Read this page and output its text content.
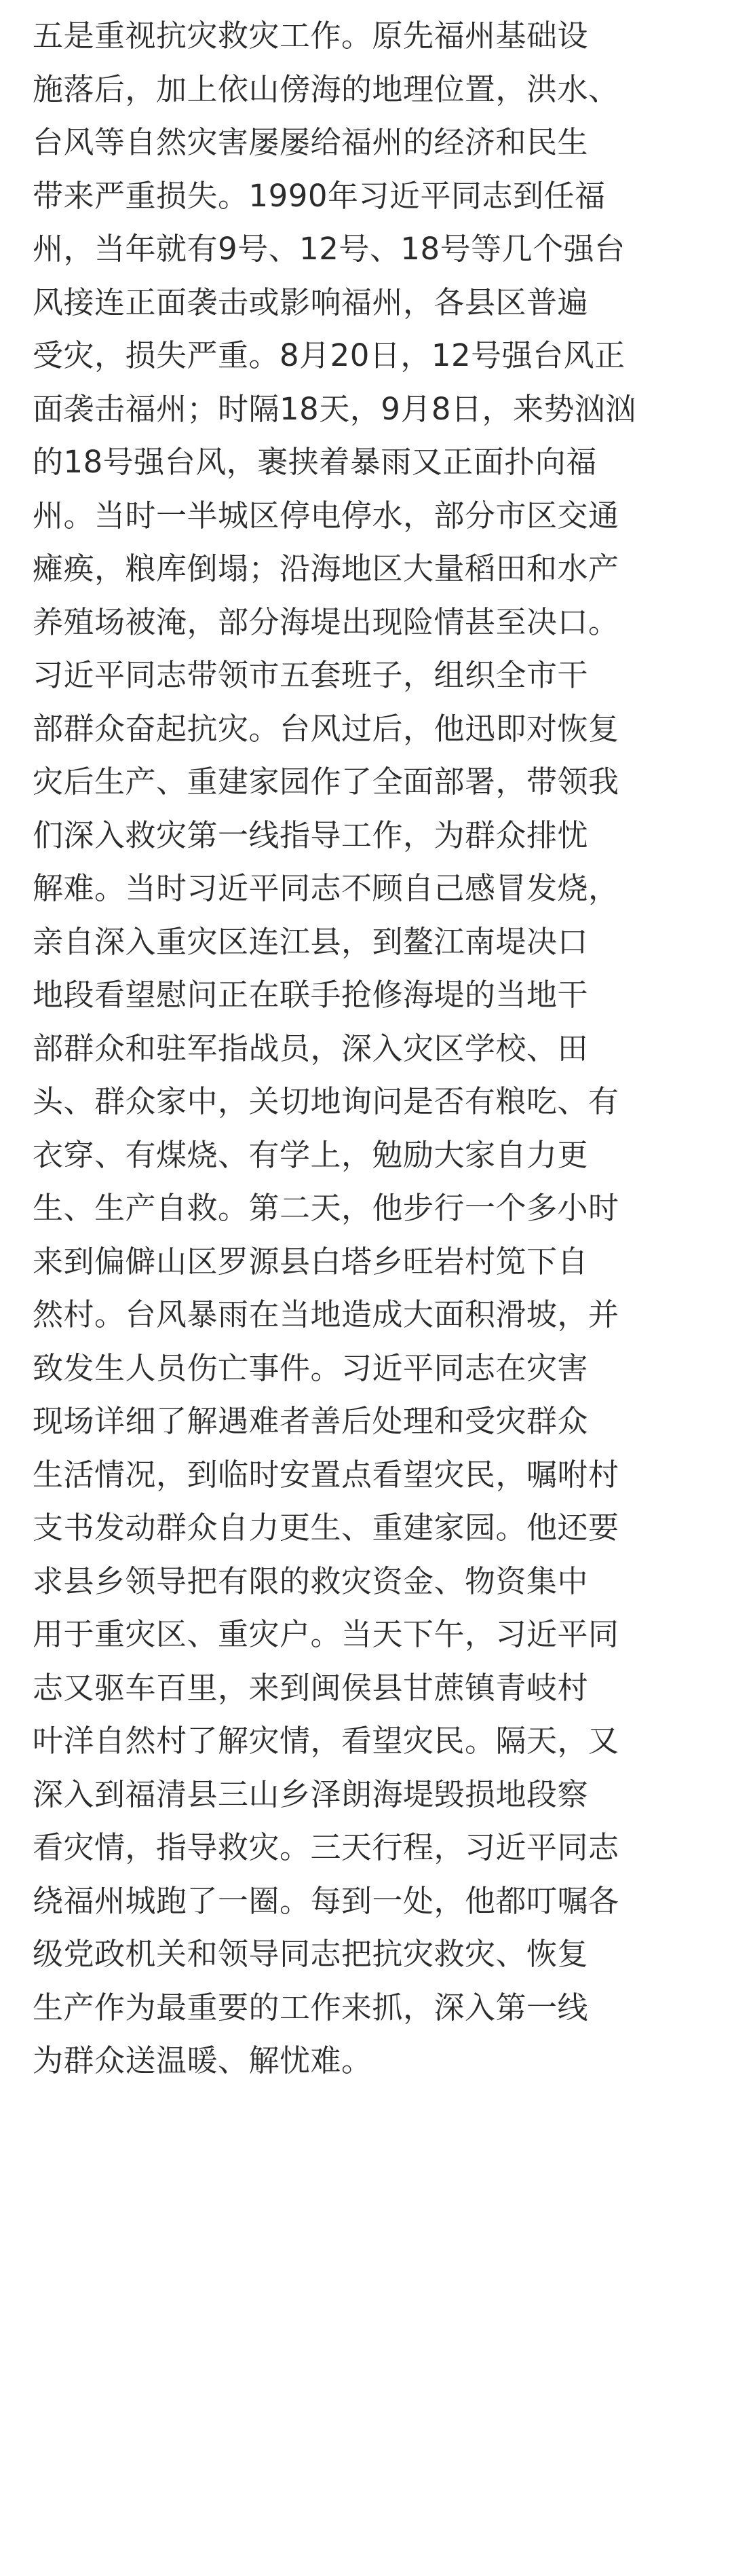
五是重视抗灾救灾工作。原先福州基础设
施落后，加上依山傍海的地理位置，洪水、
台风等自然灾害屡屡给福州的经济和民生
带来严重损失。1990年习近平同志到任福
州，当年就有9号、12号、18号等几个强台
风接连正面袭击或影响福州，各县区普遍
受灾，损失严重。8月20日，12号强台风正
面袭击福州；时隔18天，9月8日，来势汹汹
的18号强台风，裹挟着暴雨又正面扑向福
州。当时一半城区停电停水，部分市区交通
瘫痪，粮库倒塌；沿海地区大量稻田和水产
养殖场被淹，部分海堤出现险情甚至决口。
习近平同志带领市五套班子，组织全市干
部群众奋起抗灾。台风过后，他迅即对恢复
灾后生产、重建家园作了全面部署，带领我
们深入救灾第一线指导工作，为群众排忧
解难。当时习近平同志不顾自己感冒发烧，
亲自深入重灾区连江县，到鳌江南堤决口
地段看望慰问正在联手抢修海堤的当地干
部群众和驻军指战员，深入灾区学校、田
头、群众家中，关切地询问是否有粮吃、有
衣穿、有煤烧、有学上，勉励大家自力更
生、生产自救。第二天，他步行一个多小时
来到偏僻山区罗源县白塔乡旺岩村笕下自
然村。台风暴雨在当地造成大面积滑坡，并
致发生人员伤亡事件。习近平同志在灾害
现场详细了解遇难者善后处理和受灾群众
生活情况，到临时安置点看望灾民，嘱咐村
支书发动群众自力更生、重建家园。他还要
求县乡领导把有限的救灾资金、物资集中
用于重灾区、重灾户。当天下午，习近平同
志又驱车百里，来到闽侯县甘蔗镇青岐村
叶洋自然村了解灾情，看望灾民。隔天，又
深入到福清县三山乡泽朗海堤毁损地段察
看灾情，指导救灾。三天行程，习近平同志
绕福州城跑了一圈。每到一处，他都叮嘱各
级党政机关和领导同志把抗灾救灾、恢复
生产作为最重要的工作来抓，深入第一线
为群众送温暖、解忧难。
